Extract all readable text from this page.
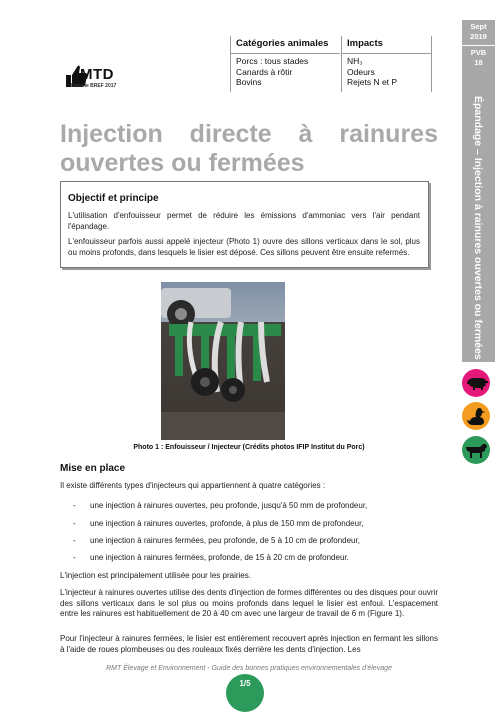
MTD
Dans le BREF 2017
Catégories animales
Porcs : tous stades
Canards à rôtir
Bovins
Impacts
NH₃
Odeurs
Rejets N et P
Sept
2019
PVB
18
Épandage – Injection à rainures ouvertes ou fermées
Injection directe à rainures
ouvertes ou fermées
Objectif et principe
L'utilisation d'enfouisseur permet de réduire les émissions d'ammoniac vers l'air pendant l'épandage.
L'enfouisseur parfois aussi appelé injecteur (Photo 1) ouvre des sillons verticaux dans le sol, plus ou moins profonds, dans lesquels le lisier est déposé. Ces sillons peuvent être ensuite refermés.
Photo 1 : Enfouisseur / Injecteur (Crédits photos IFIP Institut du Porc)
Mise en place
Il existe différents types d'injecteurs qui appartiennent à quatre catégories :
- une injection à rainures ouvertes, peu profonde, jusqu'à 50 mm de profondeur,
- une injection à rainures ouvertes, profonde, à plus de 150 mm de profondeur,
- une injection à rainures fermées, peu profonde, de 5 à 10 cm de profondeur,
- une injection à rainures fermées, profonde, de 15 à 20 cm de profondeur.
L'injection est principalement utilisée pour les prairies.
L'injecteur à rainures ouvertes utilise des dents d'injection de formes différentes ou des disques pour ouvrir des sillons verticaux dans le sol plus ou moins profonds dans lequel le lisier est enfoui. L'espacement entre les rainures est habituellement de 20 à 40 cm avec une largeur de travail de 6 m (Figure 1).
Pour l'injecteur à rainures fermées, le lisier est entièrement recouvert après injection en fermant les sillons à l'aide de roues plombeuses ou des rouleaux fixés derrière les dents d'injection. Les
RMT Élevage et Environnement - Guide des bonnes pratiques environnementales d'élevage
1/5
